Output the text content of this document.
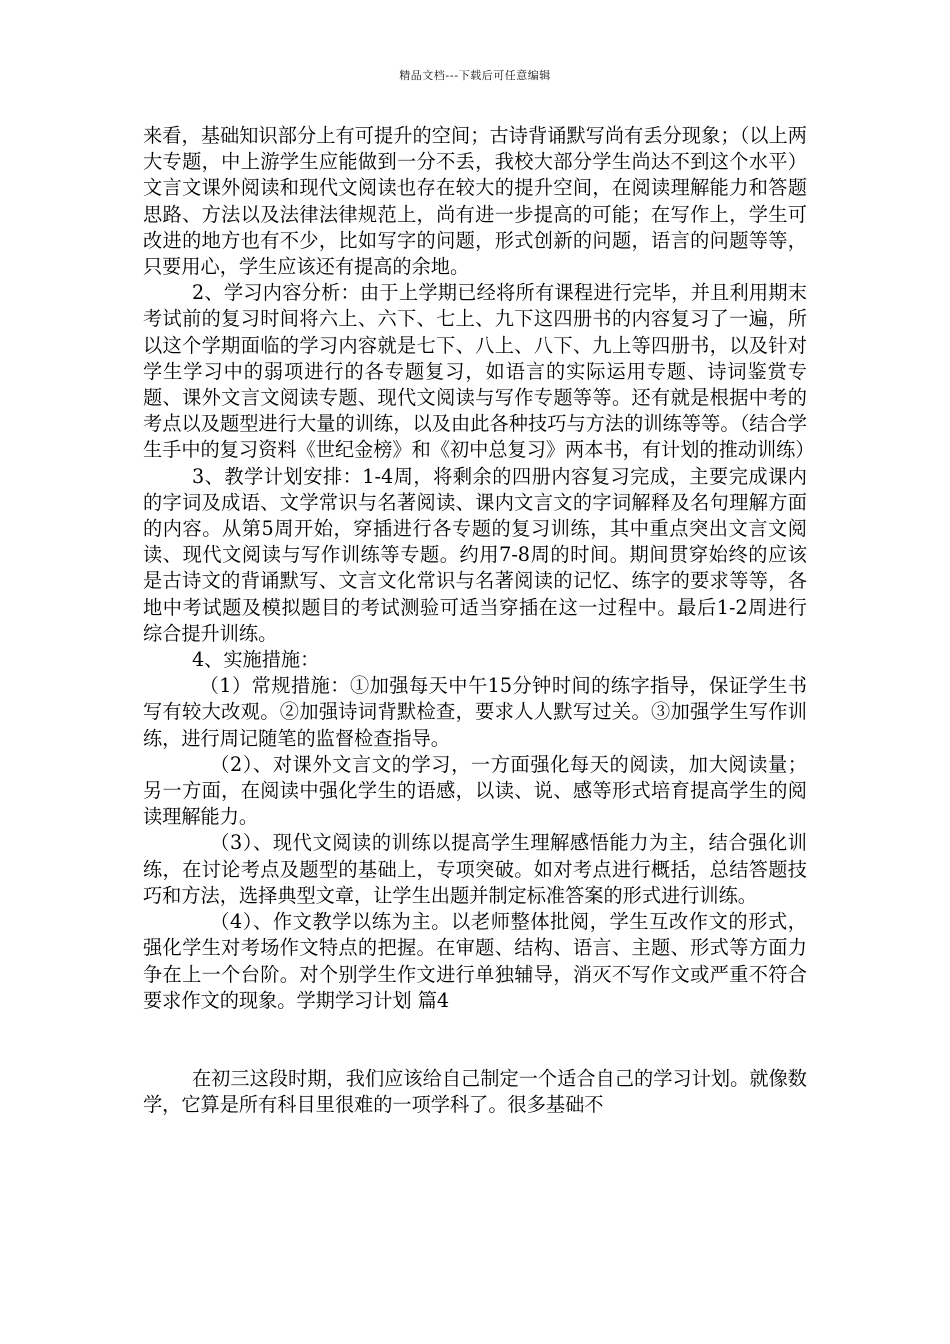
精品文档---下载后可任意编辑

来看，基础知识部分上有可提升的空间；古诗背诵默写尚有丢分现象；（以上两大专题，中上游学生应能做到一分不丢，我校大部分学生尚达不到这个水平）文言文课外阅读和现代文阅读也存在较大的提升空间，在阅读理解能力和答题思路、方法以及法律法律规范上，尚有进一步提高的可能；在写作上，学生可改进的地方也有不少，比如写字的问题，形式创新的问题，语言的问题等等，只要用心，学生应该还有提高的余地。

2、学习内容分析：由于上学期已经将所有课程进行完毕，并且利用期末考试前的复习时间将六上、六下、七上、九下这四册书的内容复习了一遍，所以这个学期面临的学习内容就是七下、八上、八下、九上等四册书，以及针对学生学习中的弱项进行的各专题复习，如语言的实际运用专题、诗词鉴赏专题、课外文言文阅读专题、现代文阅读与写作专题等等。还有就是根据中考的考点以及题型进行大量的训练，以及由此各种技巧与方法的训练等等。（结合学生手中的复习资料《世纪金榜》和《初中总复习》两本书，有计划的推动训练）

3、教学计划安排：1-4周，将剩余的四册内容复习完成，主要完成课内的字词及成语、文学常识与名著阅读、课内文言文的字词解释及名句理解方面的内容。从第5周开始，穿插进行各专题的复习训练，其中重点突出文言文阅读、现代文阅读与写作训练等专题。约用7-8周的时间。期间贯穿始终的应该是古诗文的背诵默写、文言文化常识与名著阅读的记忆、练字的要求等等，各地中考试题及模拟题目的考试测验可适当穿插在这一过程中。最后1-2周进行综合提升训练。

4、实施措施：

（1）常规措施：①加强每天中午15分钟时间的练字指导，保证学生书写有较大改观。②加强诗词背默检查，要求人人默写过关。③加强学生写作训练，进行周记随笔的监督检查指导。

（2）、对课外文言文的学习，一方面强化每天的阅读，加大阅读量；另一方面，在阅读中强化学生的语感，以读、说、感等形式培育提高学生的阅读理解能力。

（3）、现代文阅读的训练以提高学生理解感悟能力为主，结合强化训练，在讨论考点及题型的基础上，专项突破。如对考点进行概括，总结答题技巧和方法，选择典型文章，让学生出题并制定标准答案的形式进行训练。

（4）、作文教学以练为主。以老师整体批阅，学生互改作文的形式，强化学生对考场作文特点的把握。在审题、结构、语言、主题、形式等方面力争在上一个台阶。对个别学生作文进行单独辅导，消灭不写作文或严重不符合要求作文的现象。学期学习计划 篇4

在初三这段时期，我们应该给自己制定一个适合自己的学习计划。就像数学，它算是所有科目里很难的一项学科了。很多基础不
